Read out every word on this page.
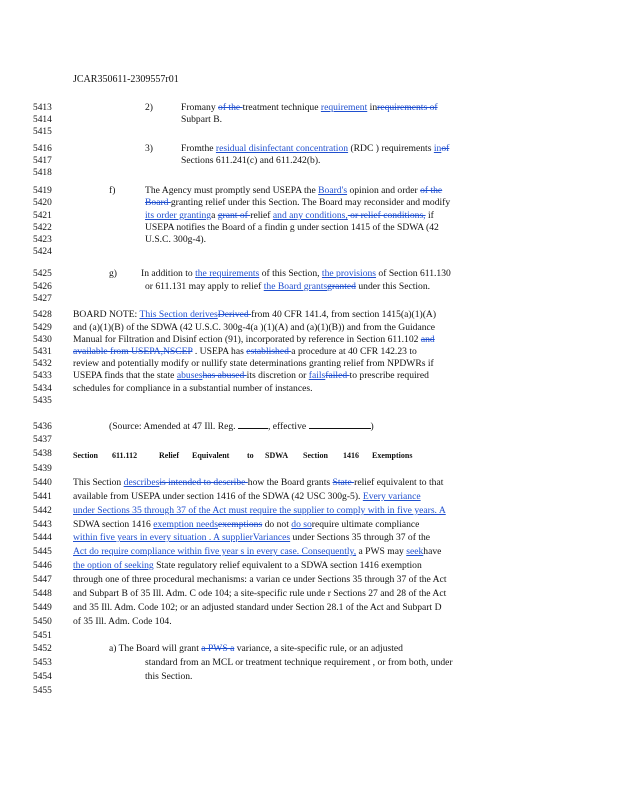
JCAR350611-2309557r01
5413
5414
5415
5416
5417
5418
5419
5420
5421
5422
5423
5424
5425
5426
5427
5428
5429
5430
5431
5432
5433
5434
5435
5436
5437
5438
5439
5440
5441
5442
5443
5444
5445
5446
5447
5448
5449
5450
5451
5452
5453
5454
5455
2)	Fromany of the treatment technique requirement inrequirements of
Subpart B.
3)	Fromthe residual disinfectant concentration (RDC ) requirements inof
Sections 611.241(c) and 611.242(b).
f)	The Agency must promptly send USEPA the Board's opinion and order of the
Board granting relief under this Section. The Board may reconsider and modify
its order grantinga grant of relief and any conditions, or relief conditions, if
USEPA notifies the Board of a findin g under section 1415 of the SDWA (42
U.S.C. 300g-4).
g)	In addition to the requirements of this Section, the provisions of Section 611.130
or 611.131 may apply to relief the Board grantsgranted under this Section.
BOARD NOTE: This Section derivesDerived from 40 CFR 141.4, from section 1415(a)(1)(A)
and (a)(1)(B) of the SDWA (42 U.S.C. 300g-4(a )(1)(A) and (a)(1)(B)) and from the Guidance
Manual for Filtration and Disinf ection (91), incorporated by reference in Section 611.102 and
available from USEPA,NSCEP . USEPA has established a procedure at 40 CFR 142.23 to
review and potentially modify or nullify state determinations granting relief from NPDWRs if
USEPA finds that the state abuseshas abused its discretion or failsfailed to prescribe required
schedules for compliance in a substantial number of instances.
(Source: Amended at 47 Ill. Reg.	, effective	)
Section 611.112	Relief Equivalent to SDWA Section 1416 Exemptions
This Section describesis intended to describe how the Board grants State relief equivalent to that
available from USEPA under section 1416 of the SDWA (42 USC 300g-5). Every variance
under Sections 35 through 37 of the Act must require the supplier to comply with in five years. A
SDWA section 1416 exemption needsexemptions do not do sorequire ultimate compliance
within five years in every situation . A supplierVariances under Sections 35 through 37 of the
Act do require compliance within five year s in every case. Consequently, a PWS may seekhave
the option of seeking State regulatory relief equivalent to a SDWA section 1416 exemption
through one of three procedural mechanisms: a varian ce under Sections 35 through 37 of the Act
and Subpart B of 35 Ill. Adm. C ode 104; a site-specific rule unde r Sections 27 and 28 of the Act
and 35 Ill. Adm. Code 102; or an adjusted standard under Section 28.1 of the Act and Subpart D
of 35 Ill. Adm. Code 104.
a) The Board will grant a PWS a variance, a site-specific rule, or an adjusted
standard from an MCL or treatment technique requirement , or from both, under
this Section.
